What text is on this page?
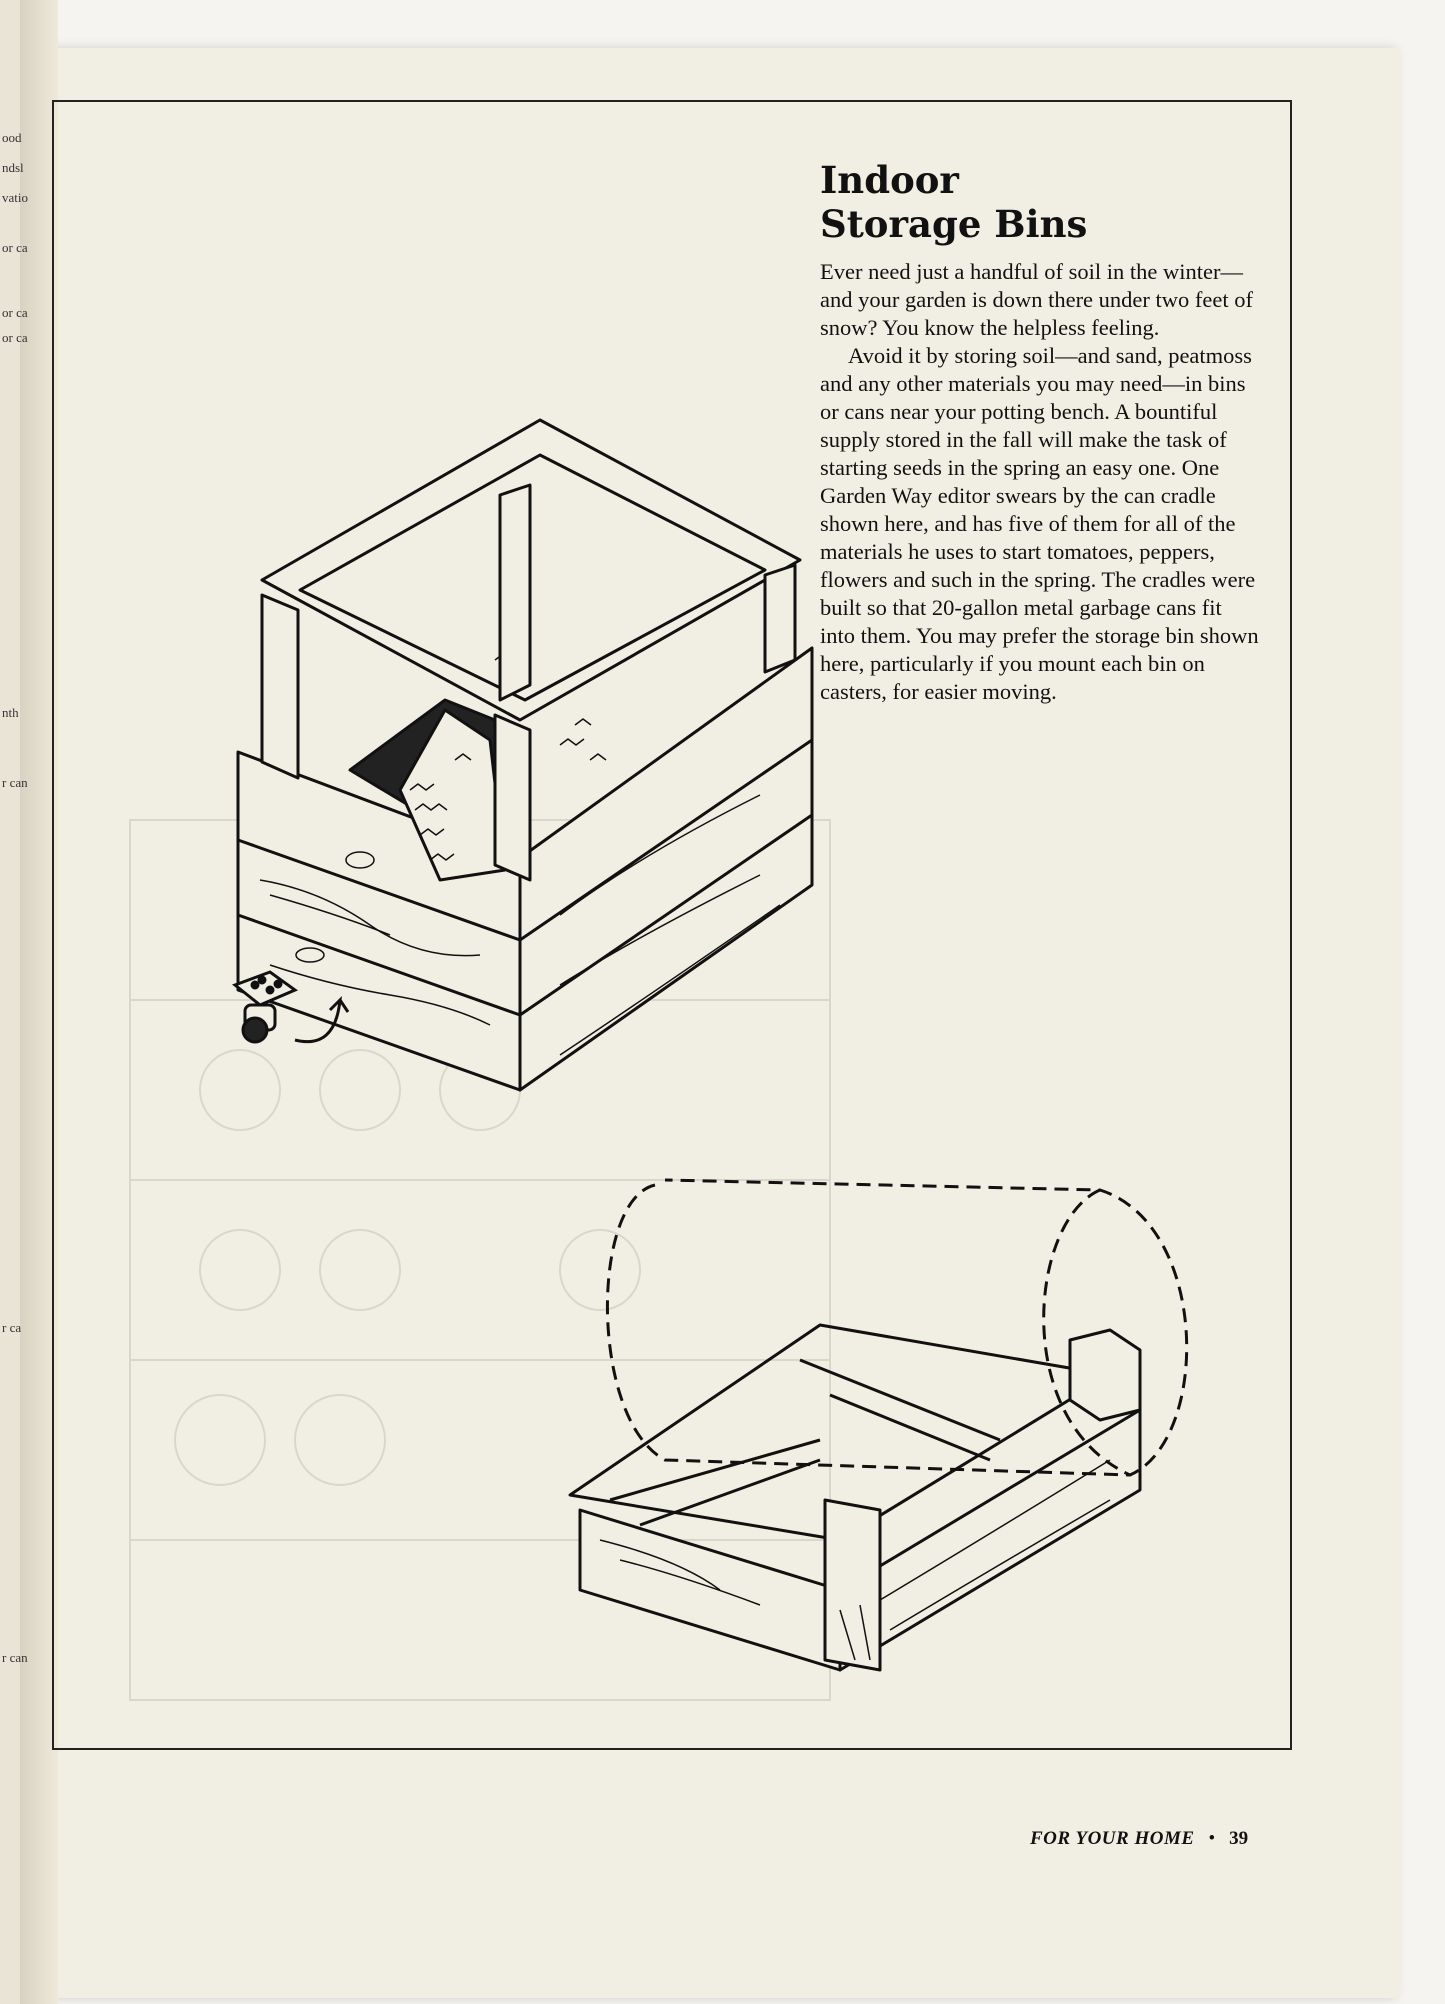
ood
ndsl
vatio
or ca
or ca
or ca
nth
r can
r ca
r can
Indoor
Storage Bins

Ever need just a handful of soil in the winter—and your garden is down there under two feet of snow? You know the helpless feeling.

Avoid it by storing soil—and sand, peatmoss and any other materials you may need—in bins or cans near your potting bench. A bountiful supply stored in the fall will make the task of starting seeds in the spring an easy one. One Garden Way editor swears by the can cradle shown here, and has five of them for all of the materials he uses to start tomatoes, peppers, flowers and such in the spring. The cradles were built so that 20-gallon metal garbage cans fit into them. You may prefer the storage bin shown here, particularly if you mount each bin on casters, for easier moving.

FOR YOUR HOME • 39
